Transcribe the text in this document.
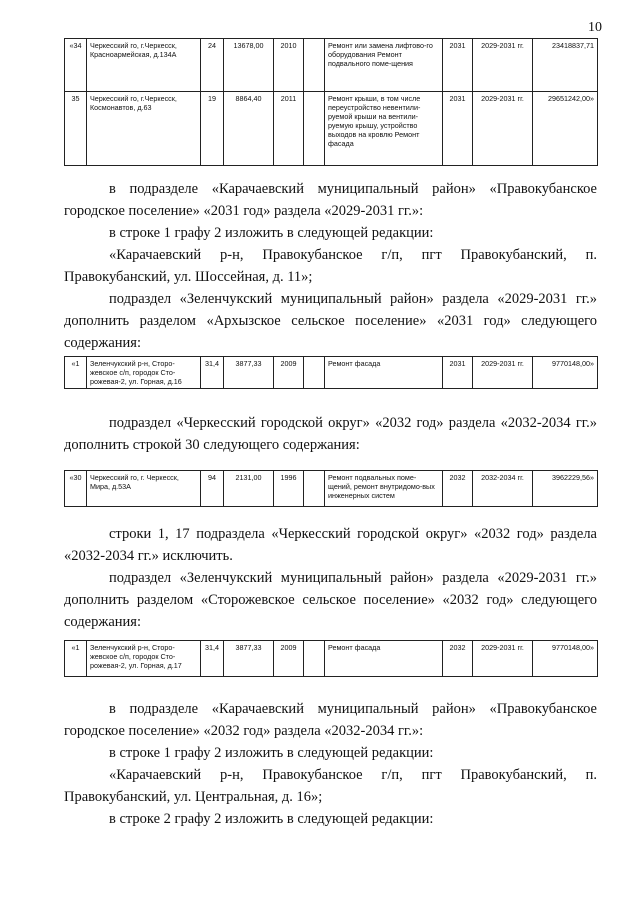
10
«34	Черкесский го, г.Черкесск, Красноармейская, д.134А	24	13678,00	2010		Ремонт или замена лифтово-го оборудования Ремонт подвального поме-щения	2031	2029-2031 гг.	23418837,71
35	Черкесский го, г.Черкесск, Космонавтов, д.63	19	8864,40	2011		Ремонт крыши, в том числе переустройство невентили-руемой крыши на вентили-руемую крышу, устройство выходов на кровлю Ремонт фасада	2031	2029-2031 гг.	29651242,00»
в подразделе «Карачаевский муниципальный район» «Правокубанское городское поселение» «2031 год» раздела «2029-2031 гг.»:
в строке 1 графу 2 изложить в следующей редакции:
«Карачаевский р-н, Правокубанское г/п, пгт Правокубанский, п. Правокубанский, ул. Шоссейная, д. 11»;
подраздел «Зеленчукский муниципальный район» раздела «2029-2031 гг.» дополнить разделом «Архызское сельское поселение» «2031 год» следующего содержания:
«1	Зеленчукский р-н, Сторо-жевское с/п, городок Сто-рожевая-2, ул. Горная, д.16	31,4	3877,33	2009		Ремонт фасада	2031	2029-2031 гг.	9770148,00»
подраздел «Черкесский городской округ» «2032 год» раздела «2032-2034 гг.» дополнить строкой 30 следующего содержания:
«30	Черкесский го, г. Черкесск, Мира, д.53А	94	2131,00	1996		Ремонт подвальных поме-щений, ремонт внутридомо-вых инженерных систем	2032	2032-2034 гг.	3962229,56»
строки 1, 17 подраздела «Черкесский городской округ» «2032 год» раздела «2032-2034 гг.» исключить.
подраздел «Зеленчукский муниципальный район» раздела «2029-2031 гг.» дополнить разделом «Сторожевское сельское поселение» «2032 год» следующего содержания:
«1	Зеленчукский р-н, Сторо-жевское с/п, городок Сто-рожевая-2, ул. Горная, д.17	31,4	3877,33	2009		Ремонт фасада	2032	2029-2031 гг.	9770148,00»
в подразделе «Карачаевский муниципальный район» «Правокубанское городское поселение» «2032 год» раздела «2032-2034 гг.»:
в строке 1 графу 2 изложить в следующей редакции:
«Карачаевский р-н, Правокубанское г/п, пгт Правокубанский, п. Правокубанский, ул. Центральная, д. 16»;
в строке 2 графу 2 изложить в следующей редакции:
